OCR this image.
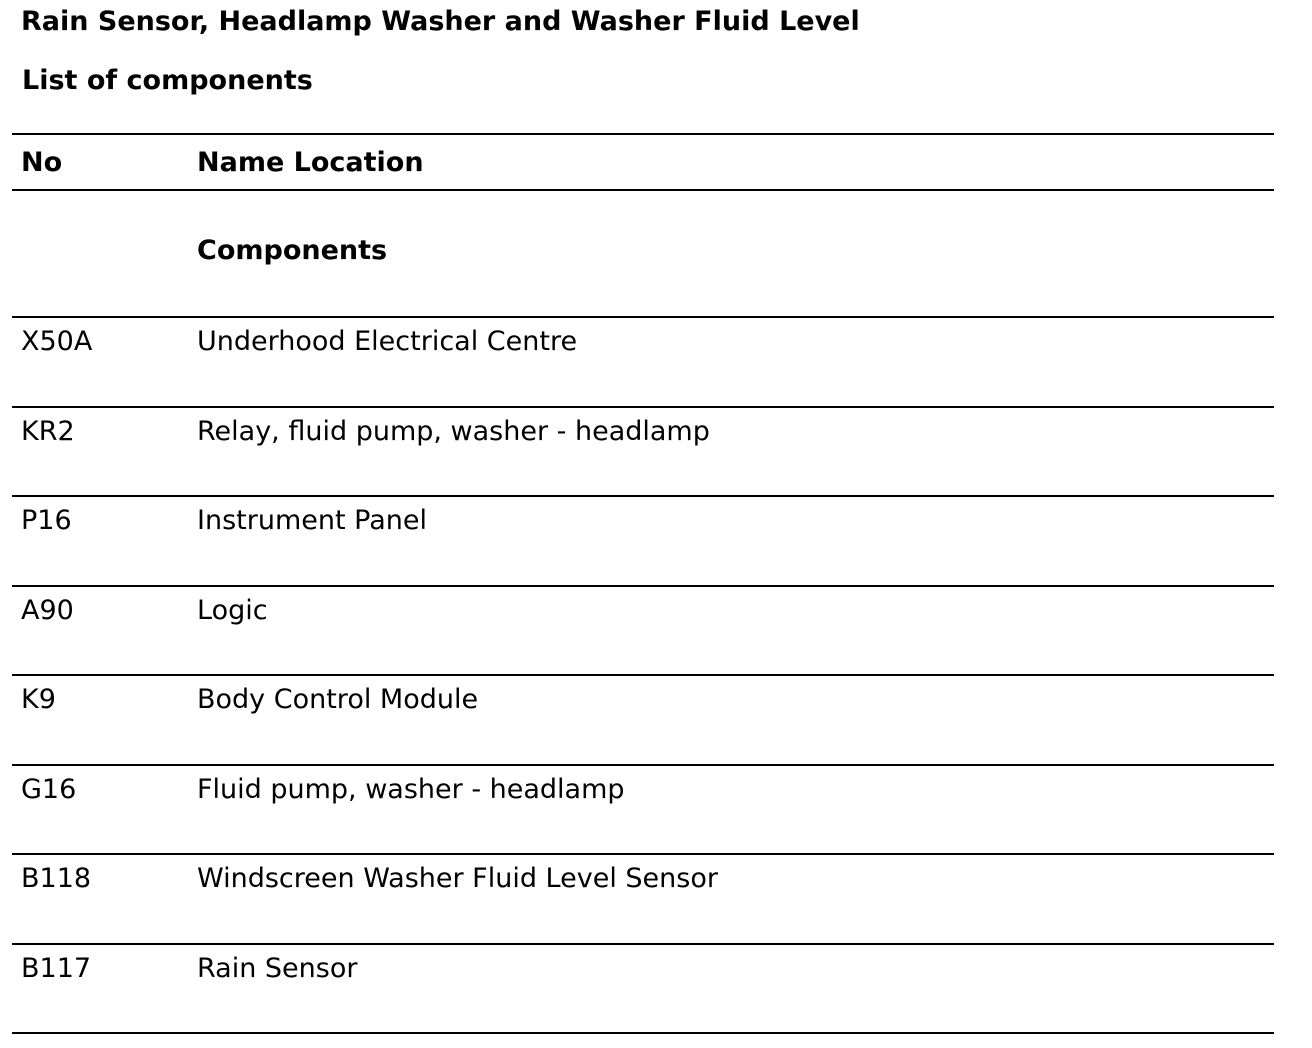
Rain Sensor, Headlamp Washer and Washer Fluid Level
List of components
No	Name Location
Components
X50A	Underhood Electrical Centre
KR2	Relay, fluid pump, washer - headlamp
P16	Instrument Panel
A90	Logic
K9	Body Control Module
G16	Fluid pump, washer - headlamp
B118	Windscreen Washer Fluid Level Sensor
B117	Rain Sensor
